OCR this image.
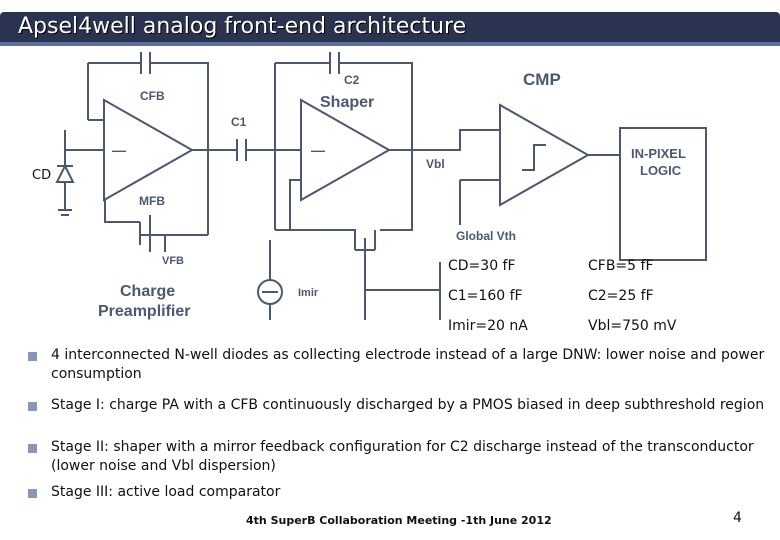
Apsel4well analog front-end architecture
CFB
C2
Shaper
CMP
C1
Vbl
IN-PIXEL
LOGIC
MFB
VFB
Global Vth
Imir
Charge
Preamplifier
—	—
CD
CD=30 fF	CFB=5 fF
C1=160 fF	C2=25 fF
Imir=20 nA	Vbl=750 mV
4 interconnected N-well diodes as collecting electrode instead of a large DNW: lower noise and power consumption
Stage I: charge PA with a CFB continuously discharged by a PMOS biased in deep subthreshold region
Stage II: shaper with a mirror feedback configuration for C2 discharge instead of the transconductor (lower noise and Vbl dispersion)
Stage III: active load comparator
4th SuperB Collaboration Meeting -1th June 2012	4
